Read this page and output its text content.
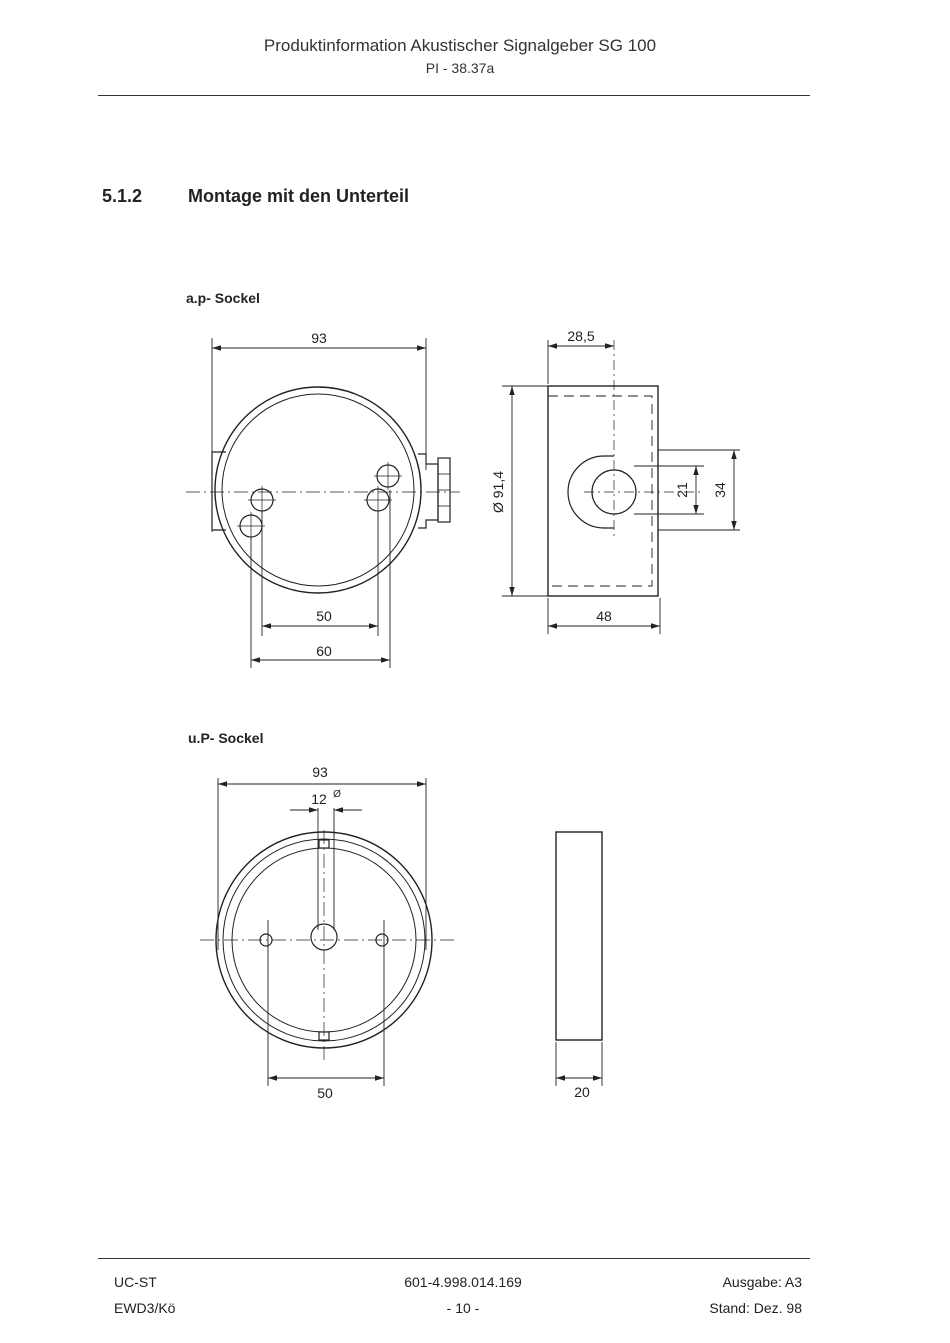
Produktinformation Akustischer Signalgeber SG 100
PI - 38.37a
5.1.2	Montage mit den Unterteil
a.p- Sockel
u.P- Sockel
93
50
60
28,5
48
Ø 91,4	21 34
93
12 Ø
50	20
UC-ST
EWD3/Kö
601-4.998.014.169
- 10 -
Ausgabe: A3
Stand: Dez. 98
